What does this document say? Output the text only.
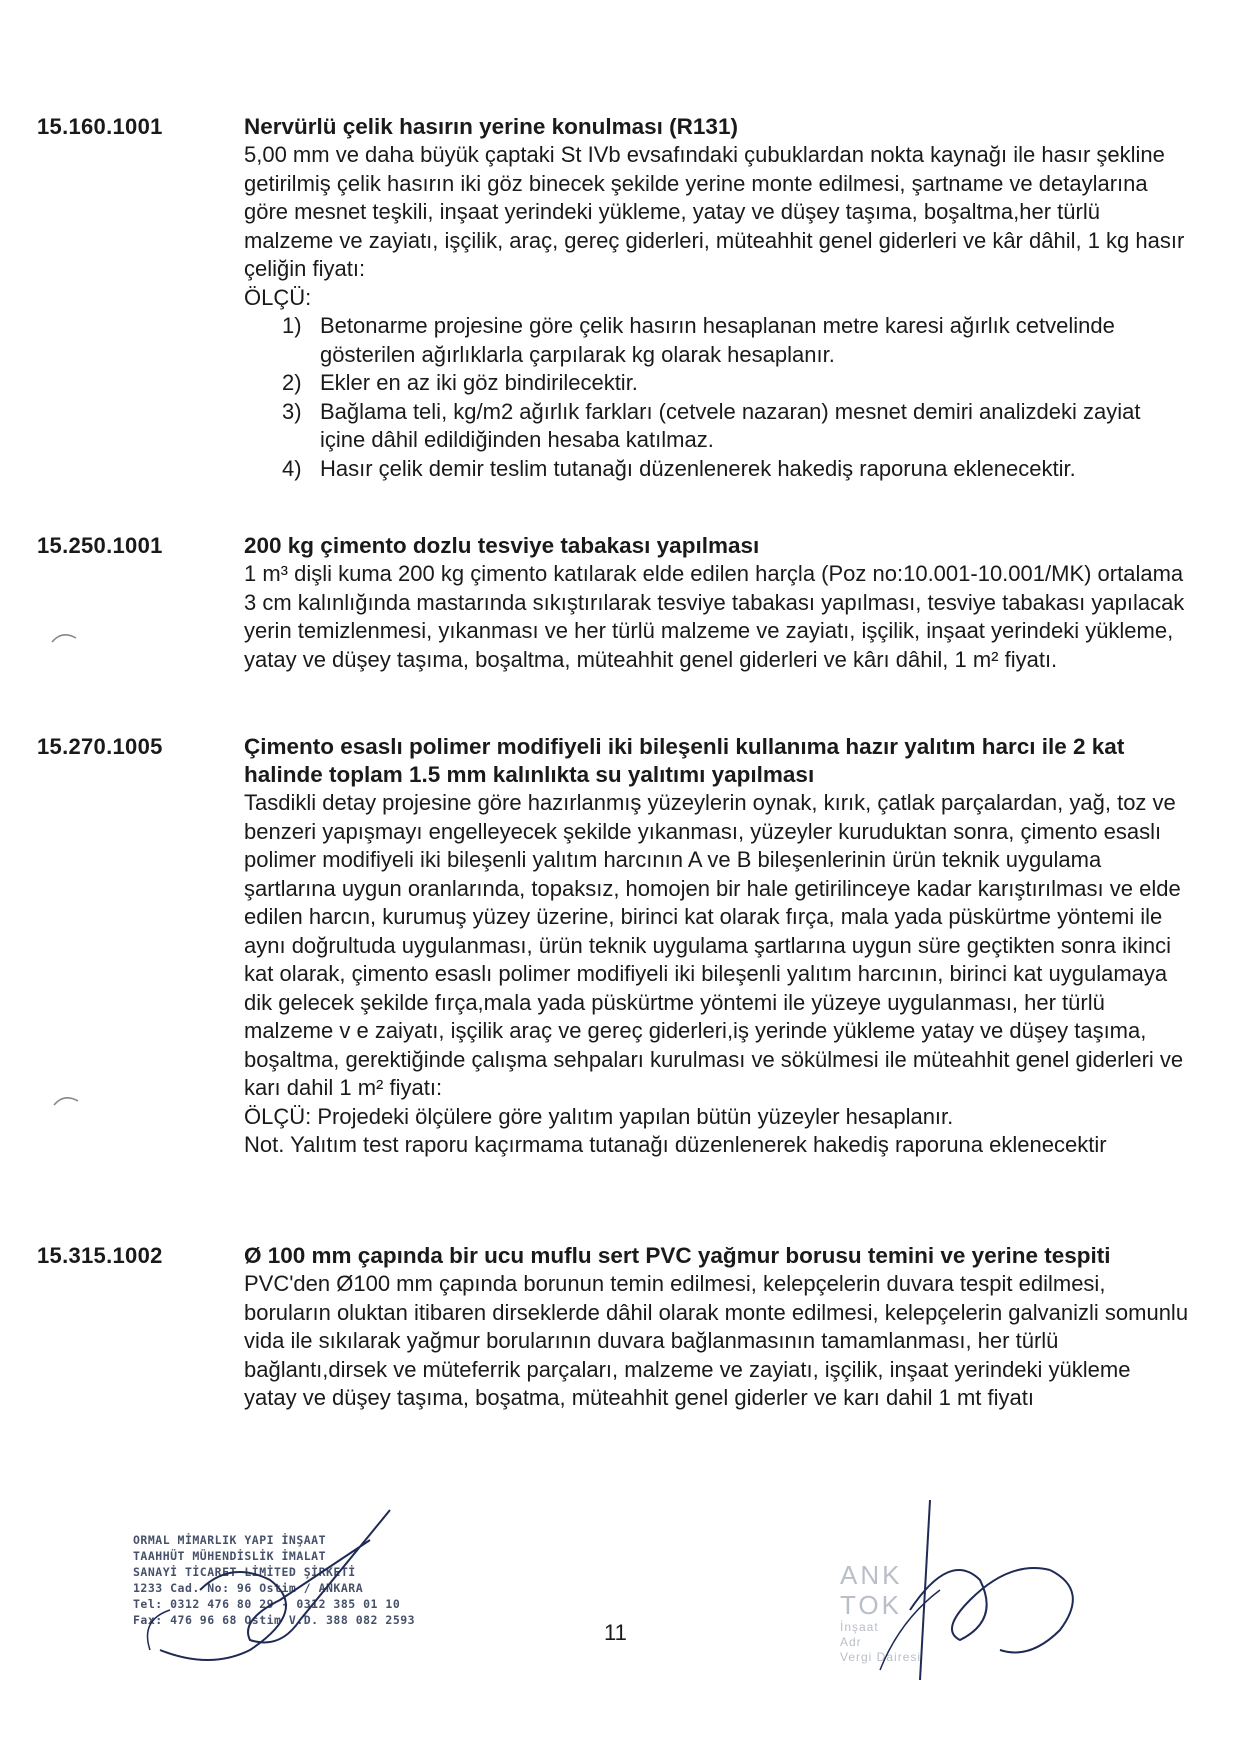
15.160.1001	Nervürlü çelik hasırın yerine konulması (R131)
5,00 mm ve daha büyük çaptaki St IVb evsafındaki çubuklardan nokta kaynağı ile hasır şekline getirilmiş çelik hasırın iki göz binecek şekilde yerine monte edilmesi, şartname ve detaylarına göre mesnet teşkili, inşaat yerindeki yükleme, yatay ve düşey taşıma, boşaltma,her türlü malzeme ve zayiatı, işçilik, araç, gereç giderleri, müteahhit genel giderleri ve kâr dâhil, 1 kg hasır çeliğin fiyatı:
ÖLÇÜ:
1) Betonarme projesine göre çelik hasırın hesaplanan metre karesi ağırlık cetvelinde gösterilen ağırlıklarla çarpılarak kg olarak hesaplanır.
2) Ekler en az iki göz bindirilecektir.
3) Bağlama teli, kg/m2 ağırlık farkları (cetvele nazaran) mesnet demiri analizdeki zayiat içine dâhil edildiğinden hesaba katılmaz.
4) Hasır çelik demir teslim tutanağı düzenlenerek hakediş raporuna eklenecektir.
15.250.1001	200 kg çimento dozlu tesviye tabakası yapılması
1 m³ dişli kuma 200 kg çimento katılarak elde edilen harçla (Poz no:10.001-10.001/MK) ortalama 3 cm kalınlığında mastarında sıkıştırılarak tesviye tabakası yapılması, tesviye tabakası yapılacak yerin temizlenmesi, yıkanması ve her türlü malzeme ve zayiatı, işçilik, inşaat yerindeki yükleme, yatay ve düşey taşıma, boşaltma, müteahhit genel giderleri ve kârı dâhil, 1 m² fiyatı.
15.270.1005	Çimento esaslı polimer modifiyeli iki bileşenli kullanıma hazır yalıtım harcı ile 2 kat halinde toplam 1.5 mm kalınlıkta su yalıtımı yapılması
Tasdikli detay projesine göre hazırlanmış yüzeylerin oynak, kırık, çatlak parçalardan, yağ, toz ve benzeri yapışmayı engelleyecek şekilde yıkanması, yüzeyler kuruduktan sonra, çimento esaslı polimer modifiyeli iki bileşenli yalıtım harcının A ve B bileşenlerinin ürün teknik uygulama şartlarına uygun oranlarında, topaksız, homojen bir hale getirilinceye kadar karıştırılması ve elde edilen harcın, kurumuş yüzey üzerine, birinci kat olarak fırça, mala yada püskürtme yöntemi ile aynı doğrultuda uygulanması, ürün teknik uygulama şartlarına uygun süre geçtikten sonra ikinci kat olarak, çimento esaslı polimer modifiyeli iki bileşenli yalıtım harcının, birinci kat uygulamaya dik gelecek şekilde fırça,mala yada püskürtme yöntemi ile yüzeye uygulanması, her türlü malzeme v e zaiyatı, işçilik araç ve gereç giderleri,iş yerinde yükleme yatay ve düşey taşıma, boşaltma, gerektiğinde çalışma sehpaları kurulması ve sökülmesi ile müteahhit genel giderleri ve karı dahil 1 m² fiyatı:
ÖLÇÜ: Projedeki ölçülere göre yalıtım yapılan bütün yüzeyler hesaplanır.
Not. Yalıtım test raporu kaçırmama tutanağı düzenlenerek hakediş raporuna eklenecektir
15.315.1002	Ø 100 mm çapında bir ucu muflu sert PVC yağmur borusu temini ve yerine tespiti
PVC'den Ø100 mm çapında borunun temin edilmesi, kelepçelerin duvara tespit edilmesi, boruların oluktan itibaren dirseklerde dâhil olarak monte edilmesi, kelepçelerin galvanizli somunlu vida ile sıkılarak yağmur borularının duvara bağlanmasının tamamlanması, her türlü bağlantı,dirsek ve müteferrik parçaları, malzeme ve zayiatı, işçilik, inşaat yerindeki yükleme yatay ve düşey taşıma, boşatma, müteahhit genel giderler ve karı dahil 1 mt fiyatı
ORMAL MİMARLIK YAPI İNŞAAT
TAAHHÜT MÜHENDİSLİK İMALAT
SANAYİ TİCARET LİMİTED ŞİRKETİ
1233 Cad. No: 96 Ostim / ANKARA
Tel: 0312 476 80 29 - 0312 385 01 10
Fax: 476 96 68 Ostim V.D. 388 082 2593	11
ANK
TOK
İnşaat
Adr
Vergi Dairesi
